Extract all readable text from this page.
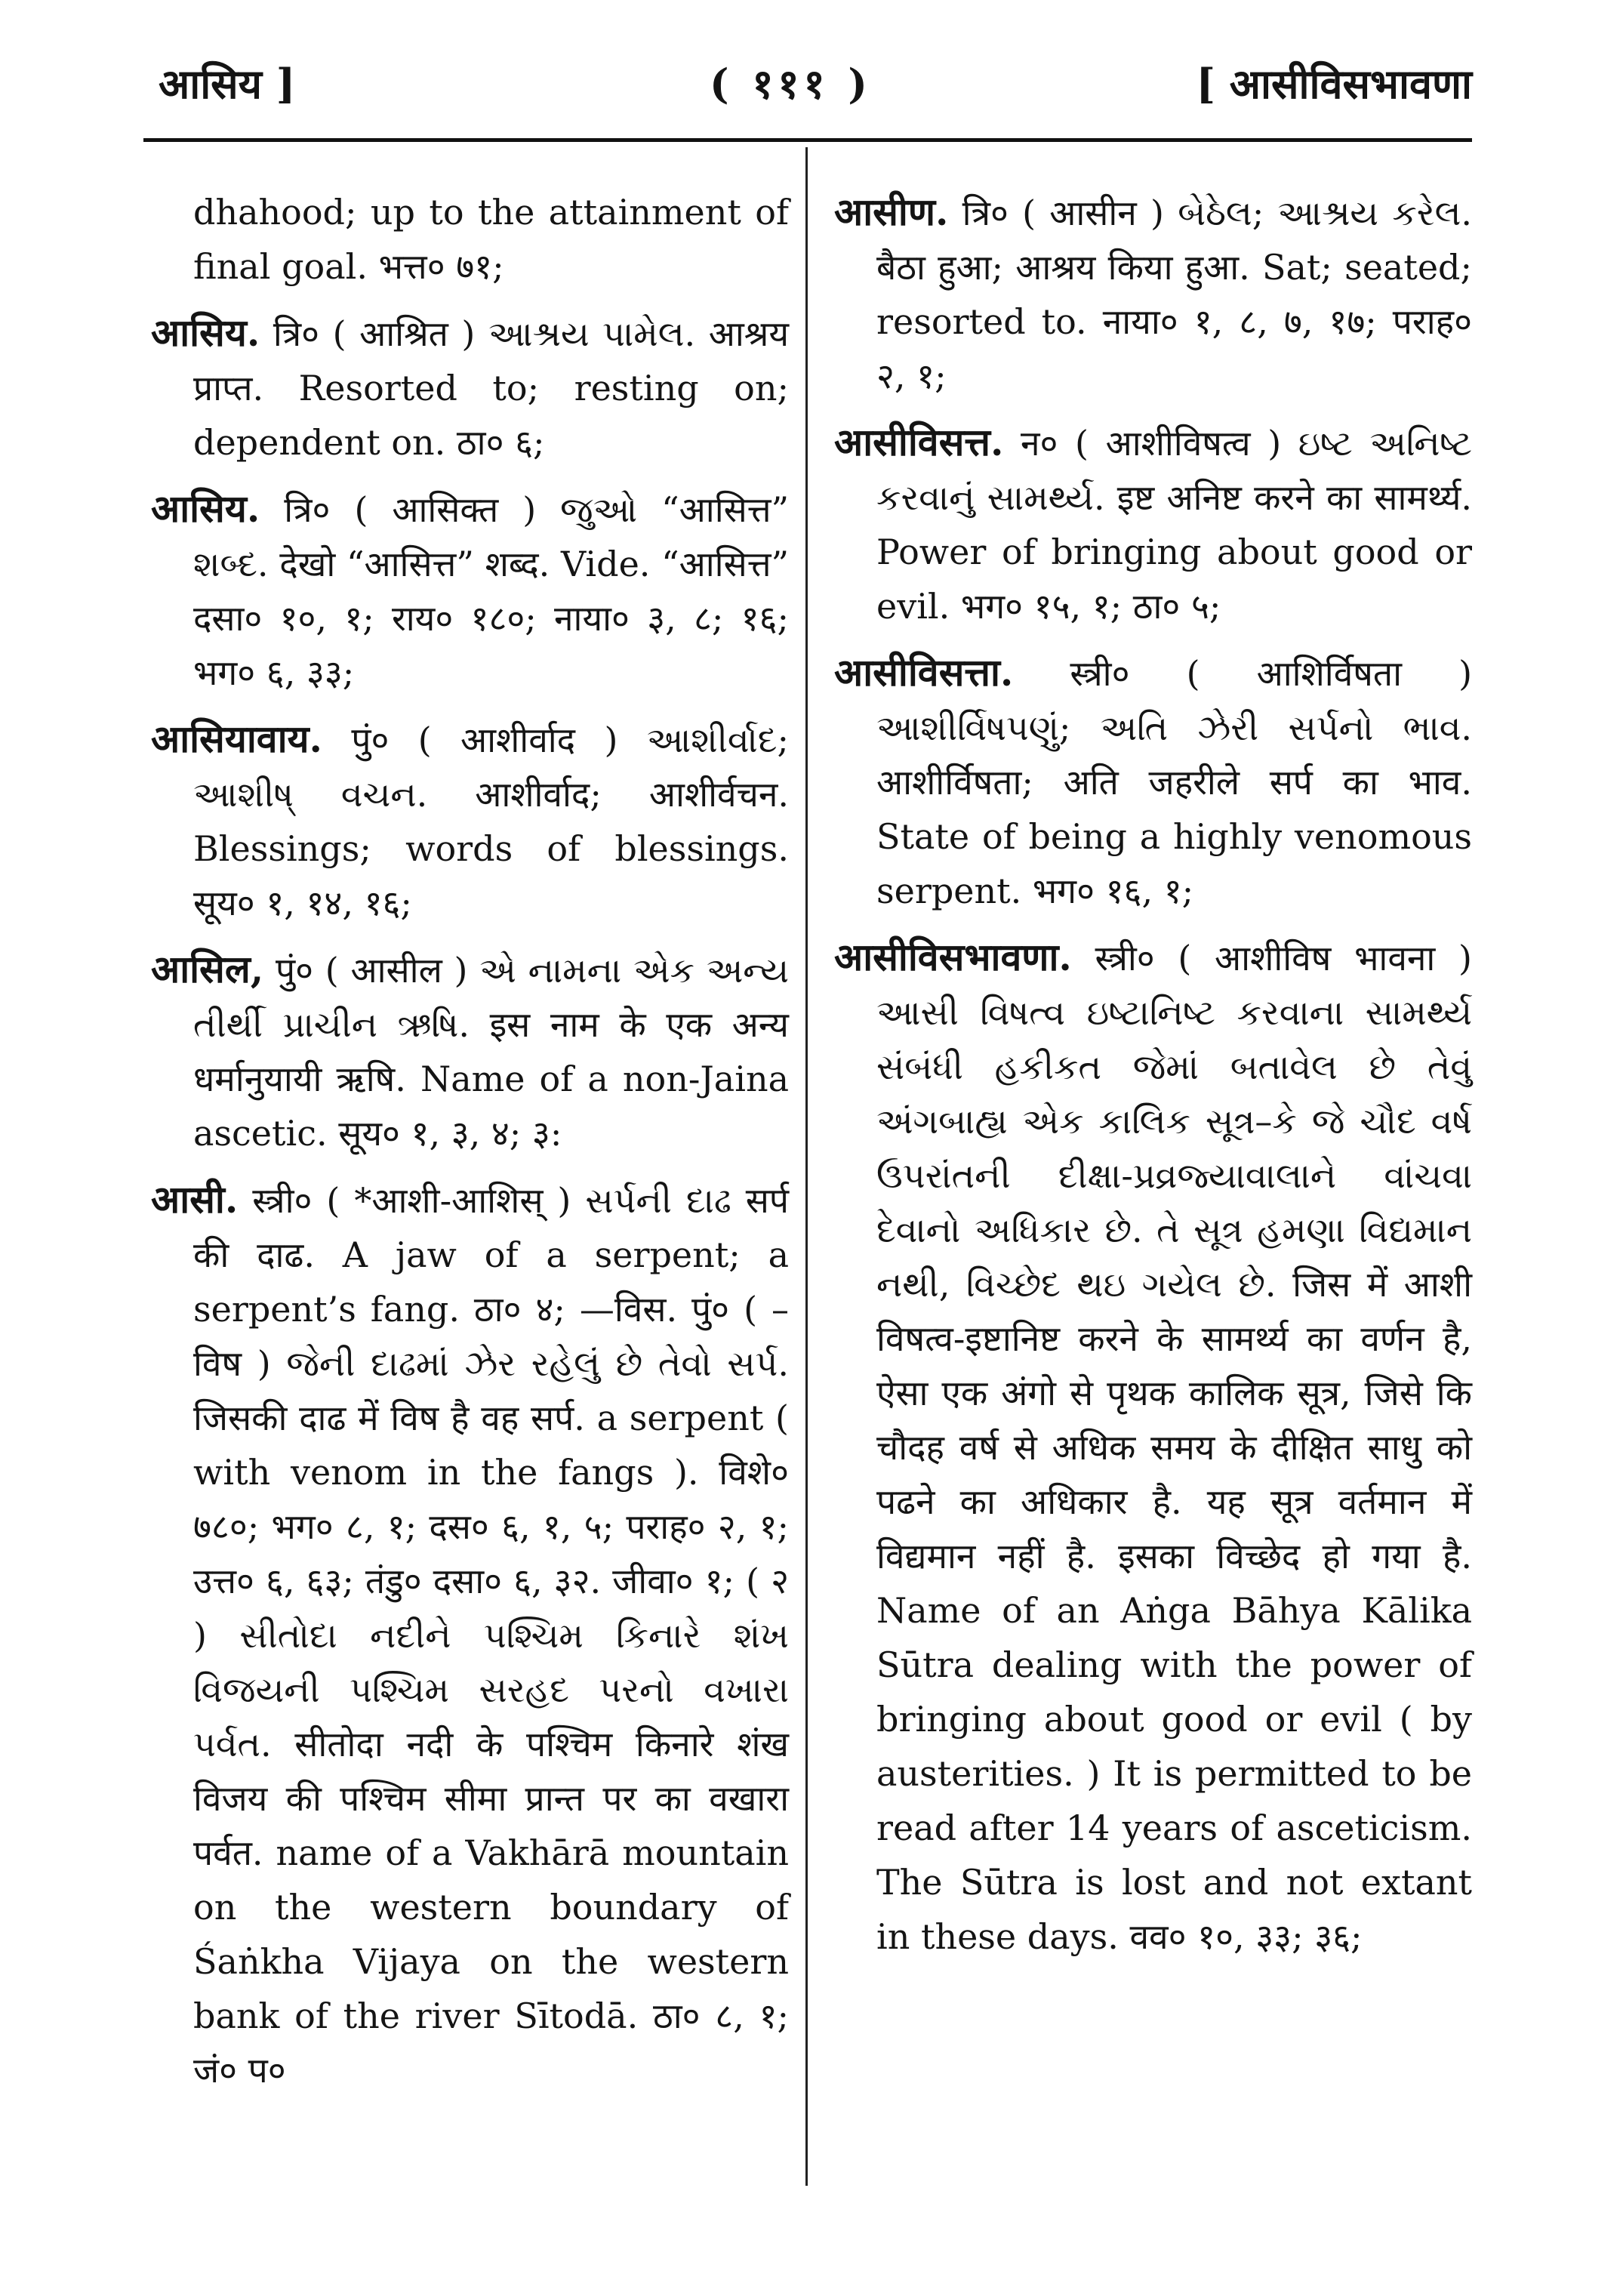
आसिय ]	( १११ )	[ आसीविसभावणा

dhahood; up to the attainment of final goal. भत्त० ७१;

आसिय. त्रि० ( आश्रित ) આશ્રય પામેલ. आश्रय प्राप्त. Resorted to; resting on; dependent on. ठा० ६;

आसिय. त्रि० ( आसिक्त ) જુઓ “आसित्त” શબ્દ. देखो “आसित्त” शब्द. Vide. “आसित्त” दसा० १०, १; राय० १८०; नाया० ३, ८; १६; भग० ६, ३३;

आसियावाय. पुं० ( आशीर्वाद ) આશીર્વાદ; આશીષ્ વચન. आशीर्वाद; आशीर्वचन. Blessings; words of blessings. सूय० १, १४, १६;

आसिल, पुं० ( आसील ) એ નામના એક અન્ય તીર્થી પ્રાચીન ઋષિ. इस नाम के एक अन्य धर्मानुयायी ऋषि. Name of a non-Jaina ascetic. सूय० १, ३, ४; ३:

आसी. स्त्री० ( *आशी-आशिस् ) સર્પની દાઢ सर्प की दाढ. A jaw of a serpent; a serpent’s fang. ठा० ४; —विस. पुं० ( –विष ) જેની દાઢમાં ઝેર રહેલું છે તેવો સર્પ. जिसकी दाढ में विष है वह सर्प. a serpent ( with venom in the fangs ). विशे० ७८०; भग० ८, १; दस० ६, १, ५; पराह० २, १; उत्त० ६, ६३; तंडु० दसा० ६, ३२. जीवा० १; ( २ ) સીતોદા નદીને પશ્ચિમ કિનારે શંખ વિજયની પશ્ચિમ સરહદ પરનો વખારા પર્વત. सीतोदा नदी के पश्चिम किनारे शंख विजय की पश्चिम सीमा प्रान्त पर का वखारा पर्वत. name of a Vakhārā mountain on the western boundary of Śaṅkha Vijaya on the western bank of the river Sītodā. ठा० ८, १; जं० प०

आसीण. त्रि० ( आसीन ) બેઠેલ; આશ્રય કરેલ. बैठा हुआ; आश्रय किया हुआ. Sat; seated; resorted to. नाया० १, ८, ७, १७; पराह० २, १;

आसीविसत्त. न० ( आशीविषत्व ) ઇષ્ટ અનિષ્ટ કરવાનું સામર્થ્ય. इष्ट अनिष्ट करने का सामर्थ्य. Power of bringing about good or evil. भग० १५, १; ठा० ५;

आसीविसत्ता. स्त्री० ( आशिर्विषता ) આશીર્વિષપણું; અતિ ઝેરી સર્પનો ભાવ. आशीर्विषता; अति जहरीले सर्प का भाव. State of being a highly venomous serpent. भग० १६, १;

आसीविसभावणा. स्त्री० ( आशीविष भावना ) આસી વિષત્વ ઇષ્ટાનિષ્ટ કરવાના સામર્થ્ય સંબંધી હકીકત જેમાં બતાવેલ છે તેવું અંગબાહ્ય એક કાલિક સૂત્ર–કે જે ચૌદ વર્ષ ઉપરાંતની દીક્ષા-પ્રવ્રજ્યાવાલાને વાંચવા દેવાનો અધિકાર છે. તે સૂત્ર હમણા વિદ્યમાન નથી, વિચ્છેદ થઇ ગયેલ છે. जिस में आशी विषत्व-इष्टानिष्ट करने के सामर्थ्य का वर्णन है, ऐसा एक अंगो से पृथक कालिक सूत्र, जिसे कि चौदह वर्ष से अधिक समय के दीक्षित साधु को पढने का अधिकार है. यह सूत्र वर्तमान में विद्यमान नहीं है. इसका विच्छेद हो गया है. Name of an Aṅga Bāhya Kālika Sūtra dealing with the power of bringing about good or evil ( by austerities. ) It is permitted to be read after 14 years of asceticism. The Sūtra is lost and not extant in these days. वव० १०, ३३; ३६;
